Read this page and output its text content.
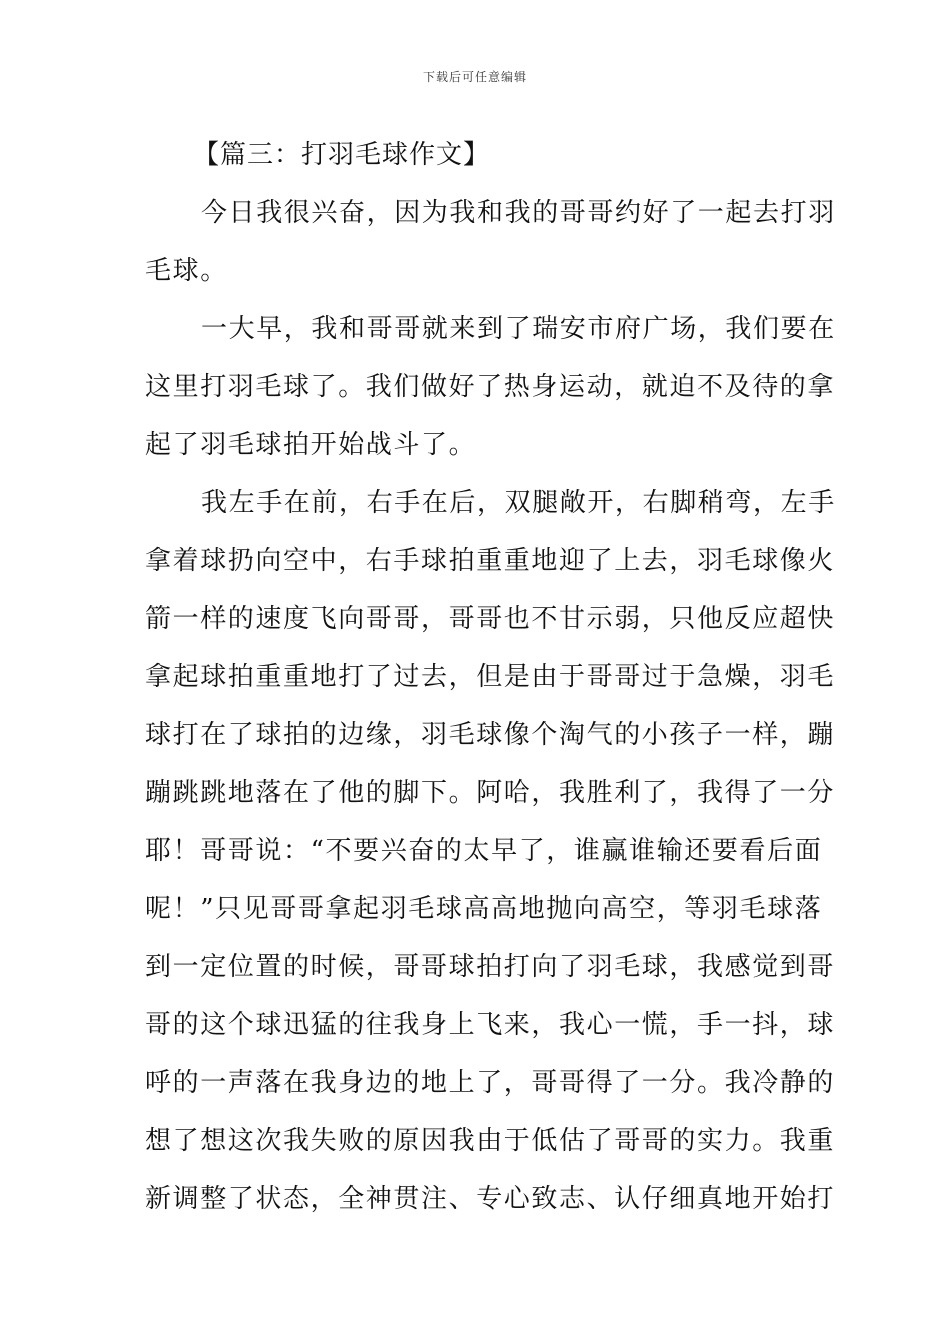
下载后可任意编辑
【篇三：打羽毛球作文】

今日我很兴奋，因为我和我的哥哥约好了一起去打羽
毛球。

一大早，我和哥哥就来到了瑞安市府广场，我们要在
这里打羽毛球了。我们做好了热身运动，就迫不及待的拿
起了羽毛球拍开始战斗了。

我左手在前，右手在后，双腿敞开，右脚稍弯，左手
拿着球扔向空中，右手球拍重重地迎了上去，羽毛球像火
箭一样的速度飞向哥哥，哥哥也不甘示弱，只他反应超快
拿起球拍重重地打了过去，但是由于哥哥过于急燥，羽毛
球打在了球拍的边缘，羽毛球像个淘气的小孩子一样，蹦
蹦跳跳地落在了他的脚下。阿哈，我胜利了，我得了一分
耶！哥哥说：“不要兴奋的太早了，谁赢谁输还要看后面
呢！”只见哥哥拿起羽毛球高高地抛向高空，等羽毛球落
到一定位置的时候，哥哥球拍打向了羽毛球，我感觉到哥
哥的这个球迅猛的往我身上飞来，我心一慌，手一抖，球
呼的一声落在我身边的地上了，哥哥得了一分。我冷静的
想了想这次我失败的原因我由于低估了哥哥的实力。我重
新调整了状态，全神贯注、专心致志、认仔细真地开始打
